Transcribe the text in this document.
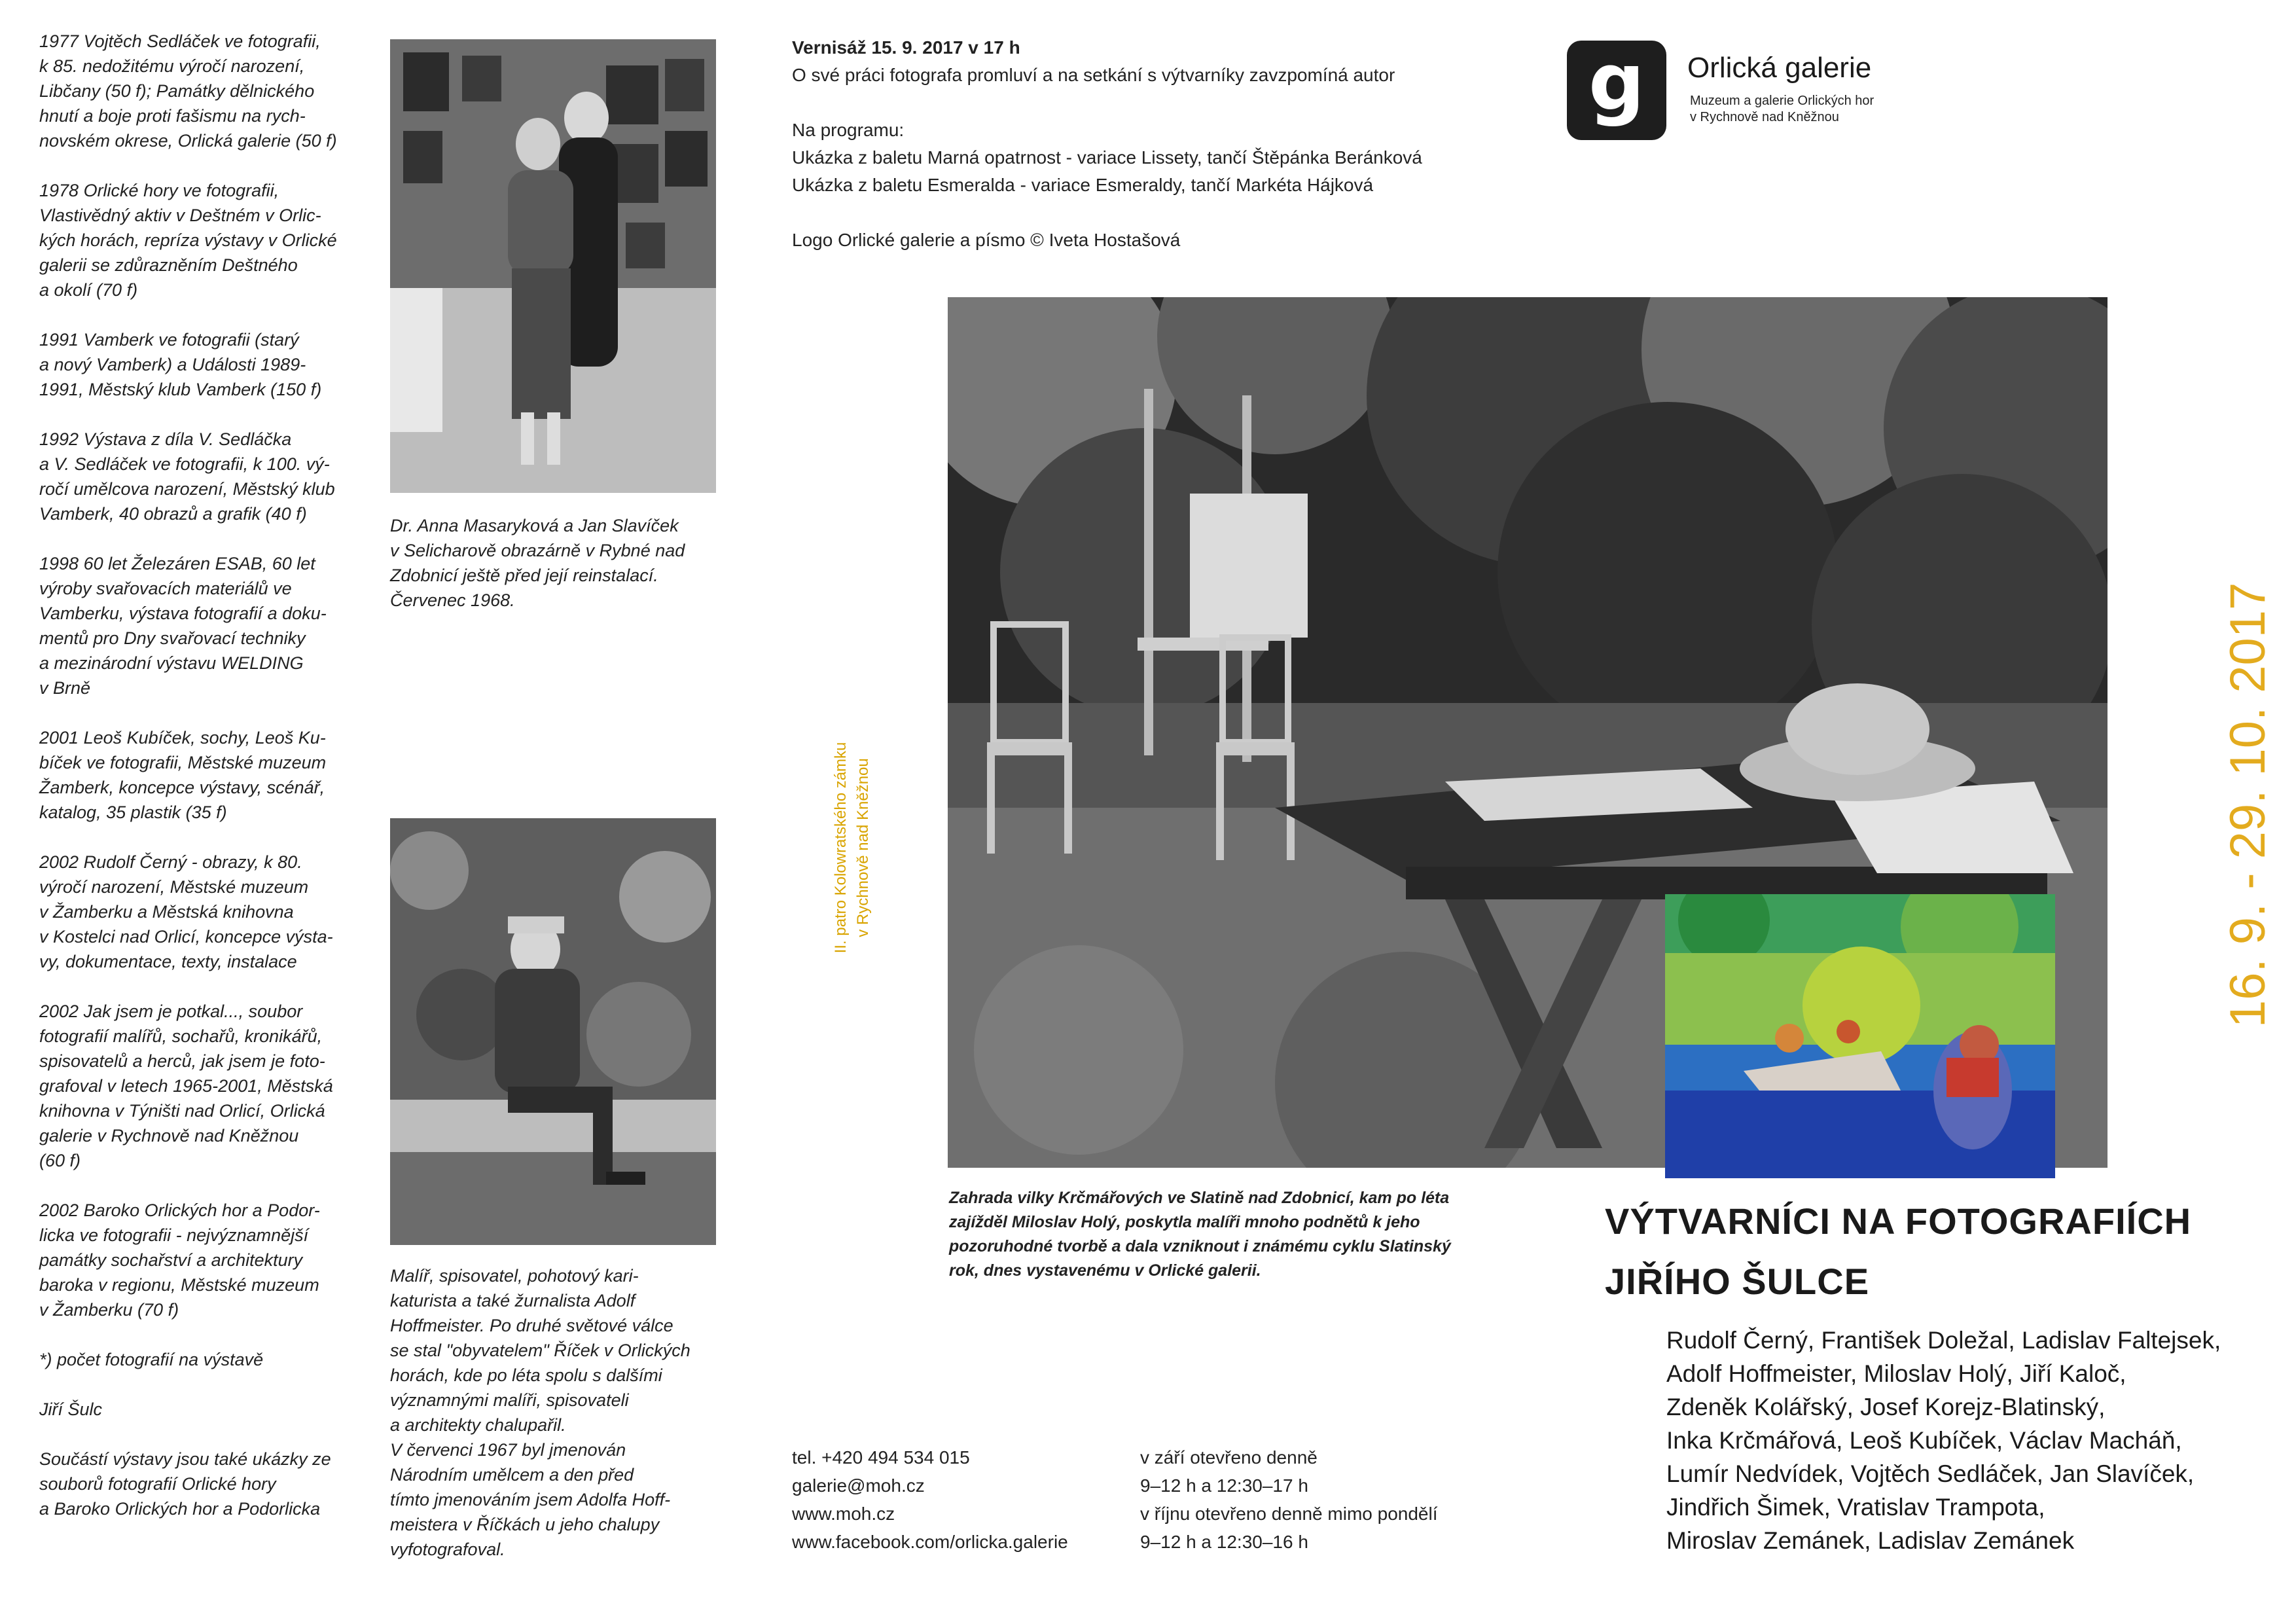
1977 Vojtěch Sedláček ve fotografii,
k 85. nedožitému výročí narození,
Libčany (50 f); Památky dělnického
hnutí a boje proti fašismu na rych-
novském okrese, Orlická galerie (50 f)
1978 Orlické hory ve fotografii,
Vlastivědný aktiv v Deštném v Orlic-
kých horách, repríza výstavy v Orlické
galerii se zdůrazněním Deštného
a okolí (70 f)
1991 Vamberk ve fotografii (starý
a nový Vamberk) a Události 1989-
1991, Městský klub Vamberk (150 f)
1992 Výstava z díla V. Sedláčka
a V. Sedláček ve fotografii, k 100. vý-
ročí umělcova narození, Městský klub
Vamberk, 40 obrazů a grafik (40 f)
1998 60 let Železáren ESAB, 60 let
výroby svařovacích materiálů ve
Vamberku, výstava fotografií a doku-
mentů pro Dny svařovací techniky
a mezinárodní výstavu WELDING
v Brně
2001 Leoš Kubíček, sochy, Leoš Ku-
bíček ve fotografii, Městské muzeum
Žamberk, koncepce výstavy, scénář,
katalog, 35 plastik (35 f)
2002 Rudolf Černý - obrazy, k 80.
výročí narození, Městské muzeum
v Žamberku a Městská knihovna
v Kostelci nad Orlicí, koncepce výsta-
vy, dokumentace, texty, instalace
2002 Jak jsem je potkal..., soubor
fotografií malířů, sochařů, kronikářů,
spisovatelů a herců, jak jsem je foto-
grafoval v letech 1965-2001, Městská
knihovna v Týništi nad Orlicí, Orlická
galerie v Rychnově nad Kněžnou
(60 f)
2002 Baroko Orlických hor a Podor-
licka ve fotografii - nejvýznamnější
památky sochařství a architektury
baroka v regionu, Městské muzeum
v Žamberku (70 f)
*) počet fotografií na výstavě
Jiří Šulc
Součástí výstavy jsou také ukázky ze
souborů fotografií Orlické hory
a Baroko Orlických hor a Podorlicka
Dr. Anna Masaryková a Jan Slavíček
v Selicharově obrazárně v Rybné nad
Zdobnicí ještě před její reinstalací.
Červenec 1968.
Malíř, spisovatel, pohotový kari-
katurista a také žurnalista Adolf
Hoffmeister. Po druhé světové válce
se stal "obyvatelem" Říček v Orlických
horách, kde po léta spolu s dalšími
významnými malíři, spisovateli
a architekty chalupařil.
V červenci 1967 byl jmenován
Národním umělcem a den před
tímto jmenováním jsem Adolfa Hoff-
meistera v Říčkách u jeho chalupy
vyfotografoval.
Vernisáž 15. 9. 2017 v 17 h
O své práci fotografa promluví a na setkání s výtvarníky zavzpomíná autor
Na programu:
Ukázka z baletu Marná opatrnost - variace Lissety, tančí Štěpánka Beránková
Ukázka z baletu Esmeralda - variace Esmeraldy, tančí Markéta Hájková
Logo Orlické galerie a písmo © Iveta Hostašová
II. patro Kolowratského zámku
v Rychnově nad Kněžnou
Zahrada vilky Krčmářových ve Slatině nad Zdobnicí, kam po léta
zajížděl Miloslav Holý, poskytla malíři mnoho podnětů k jeho
pozoruhodné tvorbě a dala vzniknout i známému cyklu Slatinský
rok, dnes vystavenému v Orlické galerii.
tel. +420 494 534 015
galerie@moh.cz
www.moh.cz
www.facebook.com/orlicka.galerie
v září otevřeno denně
9–12 h a 12:30–17 h
v říjnu otevřeno denně mimo pondělí
9–12 h a 12:30–16 h
g Orlická galerie
Muzeum a galerie Orlických hor
v Rychnově nad Kněžnou
16. 9. - 29. 10. 2017
VÝTVARNÍCI NA FOTOGRAFIÍCH
JIŘÍHO ŠULCE
Rudolf Černý, František Doležal, Ladislav Faltejsek,
Adolf Hoffmeister, Miloslav Holý, Jiří Kaloč,
Zdeněk Kolářský, Josef Korejz-Blatinský,
Inka Krčmářová, Leoš Kubíček, Václav Macháň,
Lumír Nedvídek, Vojtěch Sedláček, Jan Slavíček,
Jindřich Šimek, Vratislav Trampota,
Miroslav Zemánek, Ladislav Zemánek
